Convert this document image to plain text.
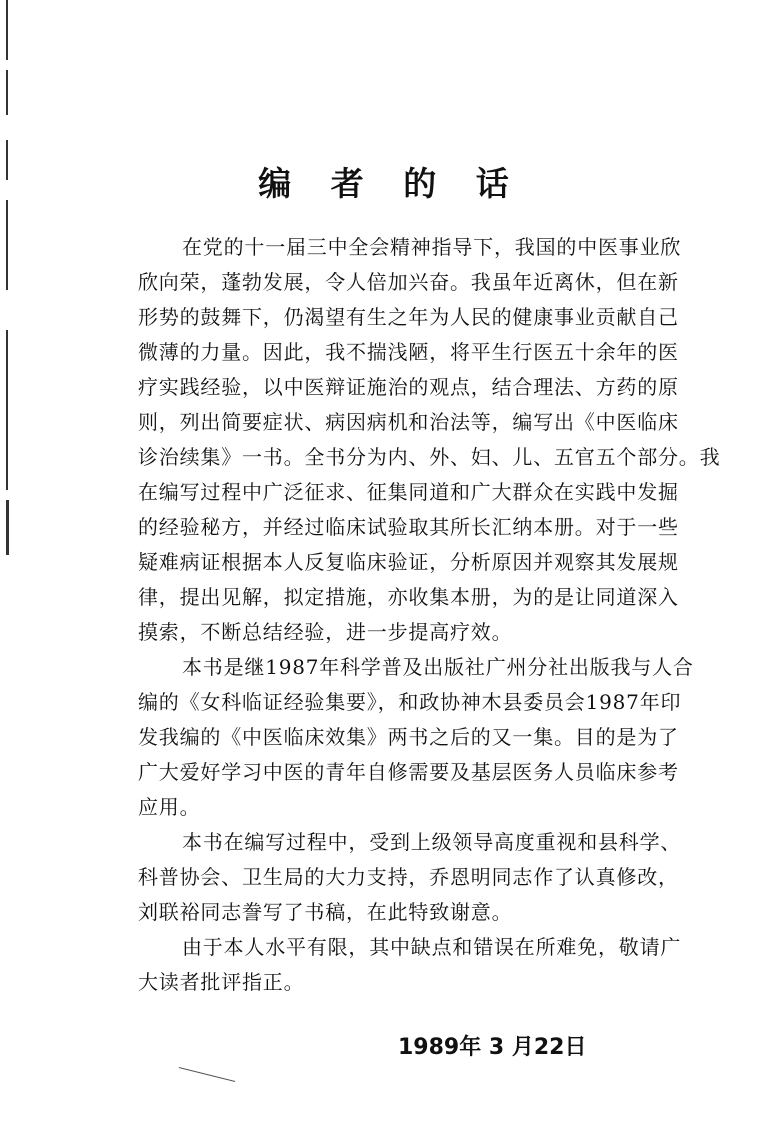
编 者 的 话
在党的十一届三中全会精神指导下，我国的中医事业欣
欣向荣，蓬勃发展，令人倍加兴奋。我虽年近离休，但在新
形势的鼓舞下，仍渴望有生之年为人民的健康事业贡献自己
微薄的力量。因此，我不揣浅陋，将平生行医五十余年的医
疗实践经验，以中医辩证施治的观点，结合理法、方药的原
则，列出简要症状、病因病机和治法等，编写出《中医临床
诊治续集》一书。全书分为内、外、妇、儿、五官五个部分。我
在编写过程中广泛征求、征集同道和广大群众在实践中发掘
的经验秘方，并经过临床试验取其所长汇纳本册。对于一些
疑难病证根据本人反复临床验证，分析原因并观察其发展规
律，提出见解，拟定措施，亦收集本册，为的是让同道深入
摸索，不断总结经验，进一步提高疗效。
本书是继1987年科学普及出版社广州分社出版我与人合
编的《女科临证经验集要》，和政协神木县委员会1987年印
发我编的《中医临床效集》两书之后的又一集。目的是为了
广大爱好学习中医的青年自修需要及基层医务人员临床参考
应用。
本书在编写过程中，受到上级领导高度重视和县科学、
科普协会、卫生局的大力支持，乔恩明同志作了认真修改，
刘联裕同志誊写了书稿，在此特致谢意。
由于本人水平有限，其中缺点和错误在所难免，敬请广
大读者批评指正。
1989年 3 月22日
